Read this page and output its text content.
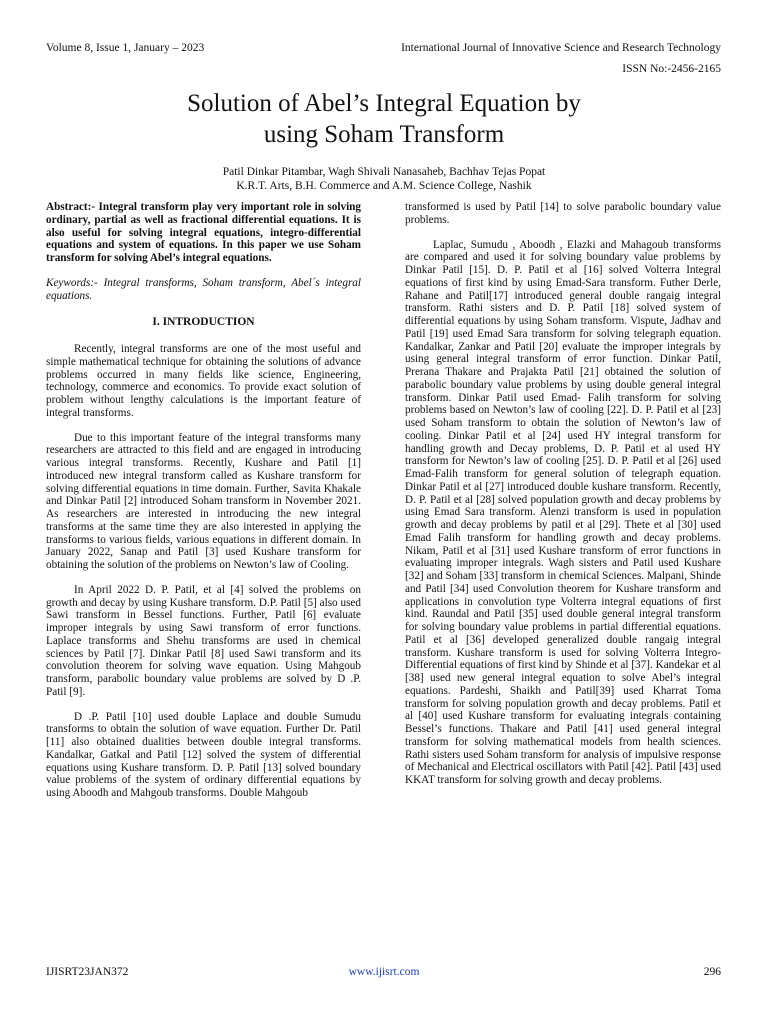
Volume 8, Issue 1, January – 2023	International Journal of Innovative Science and Research Technology
ISSN No:-2456-2165
Solution of Abel’s Integral Equation by
using Soham Transform
Patil Dinkar Pitambar, Wagh Shivali Nanasaheb, Bachhav Tejas Popat
K.R.T. Arts, B.H. Commerce and A.M. Science College, Nashik

Abstract:- Integral transform play very important role in solving ordinary, partial as well as fractional differential equations. It is also useful for solving integral equations, integro-differential equations and system of equations. In this paper we use Soham transform for solving Abel’s integral equations.

Keywords:- Integral transforms, Soham transform, Abel´s integral equations.

I. INTRODUCTION

Recently, integral transforms are one of the most useful and simple mathematical technique for obtaining the solutions of advance problems occurred in many fields like science, Engineering, technology, commerce and economics. To provide exact solution of problem without lengthy calculations is the important feature of integral transforms.

Due to this important feature of the integral transforms many researchers are attracted to this field and are engaged in introducing various integral transforms. Recently, Kushare and Patil [1] introduced new integral transform called as Kushare transform for solving differential equations in time domain. Further, Savita Khakale and Dinkar Patil [2] introduced Soham transform in November 2021. As researchers are interested in introducing the new integral transforms at the same time they are also interested in applying the transforms to various fields, various equations in different domain. In January 2022, Sanap and Patil [3] used Kushare transform for obtaining the solution of the problems on Newton’s law of Cooling.

In April 2022 D. P. Patil, et al [4] solved the problems on growth and decay by using Kushare transform. D.P. Patil [5] also used Sawi transform in Bessel functions. Further, Patil [6] evaluate improper integrals by using Sawi transform of error functions. Laplace transforms and Shehu transforms are used in chemical sciences by Patil [7]. Dinkar Patil [8] used Sawi transform and its convolution theorem for solving wave equation. Using Mahgoub transform, parabolic boundary value problems are solved by D .P. Patil [9].

D .P. Patil [10] used double Laplace and double Sumudu transforms to obtain the solution of wave equation. Further Dr. Patil [11] also obtained dualities between double integral transforms. Kandalkar, Gatkal and Patil [12] solved the system of differential equations using Kushare transform. D. P. Patil [13] solved boundary value problems of the system of ordinary differential equations by using Aboodh and Mahgoub transforms. Double Mahgoub

transformed is used by Patil [14] to solve parabolic boundary value problems.

Laplac, Sumudu , Aboodh , Elazki and Mahagoub transforms are compared and used it for solving boundary value problems by Dinkar Patil [15]. D. P. Patil et al [16] solved Volterra Integral equations of first kind by using Emad-Sara transform. Futher Derle, Rahane and Patil[17] introduced general double rangaig integral transform. Rathi sisters and D. P. Patil [18] solved system of differential equations by using Soham transform. Vispute, Jadhav and Patil [19] used Emad Sara transform for solving telegraph equation. Kandalkar, Zankar and Patil [20] evaluate the improper integrals by using general integral transform of error function. Dinkar Patil, Prerana Thakare and Prajakta Patil [21] obtained the solution of parabolic boundary value problems by using double general integral transform. Dinkar Patil used Emad- Falih transform for solving problems based on Newton’s law of cooling [22]. D. P. Patil et al [23] used Soham transform to obtain the solution of Newton’s law of cooling. Dinkar Patil et al [24] used HY integral transform for handling growth and Decay problems, D. P. Patil et al used HY transform for Newton’s law of cooling [25]. D. P. Patil et al [26] used Emad-Falih transform for general solution of telegraph equation. Dinkar Patil et al [27] introduced double kushare transform. Recently, D. P. Patil et al [28] solved population growth and decay problems by using Emad Sara transform. Alenzi transform is used in population growth and decay problems by patil et al [29]. Thete et al [30] used Emad Falih transform for handling growth and decay problems. Nikam, Patil et al [31] used Kushare transform of error functions in evaluating improper integrals. Wagh sisters and Patil used Kushare [32] and Soham [33] transform in chemical Sciences. Malpani, Shinde and Patil [34] used Convolution theorem for Kushare transform and applications in convolution type Volterra integral equations of first kind. Raundal and Patil [35] used double general integral transform for solving boundary value problems in partial differential equations. Patil et al [36] developed generalized double rangaig integral transform. Kushare transform is used for solving Volterra Integro-Differential equations of first kind by Shinde et al [37]. Kandekar et al [38] used new general integral equation to solve Abel’s integral equations. Pardeshi, Shaikh and Patil[39] used Kharrat Toma transform for solving population growth and decay problems. Patil et al [40] used Kushare transform for evaluating integrals containing Bessel’s functions. Thakare and Patil [41] used general integral transform for solving mathematical models from health sciences. Rathi sisters used Soham transform for analysis of impulsive response of Mechanical and Electrical oscillators with Patil [42]. Patil [43] used KKAT transform for solving growth and decay problems.

IJISRT23JAN372	www.ijisrt.com	296
